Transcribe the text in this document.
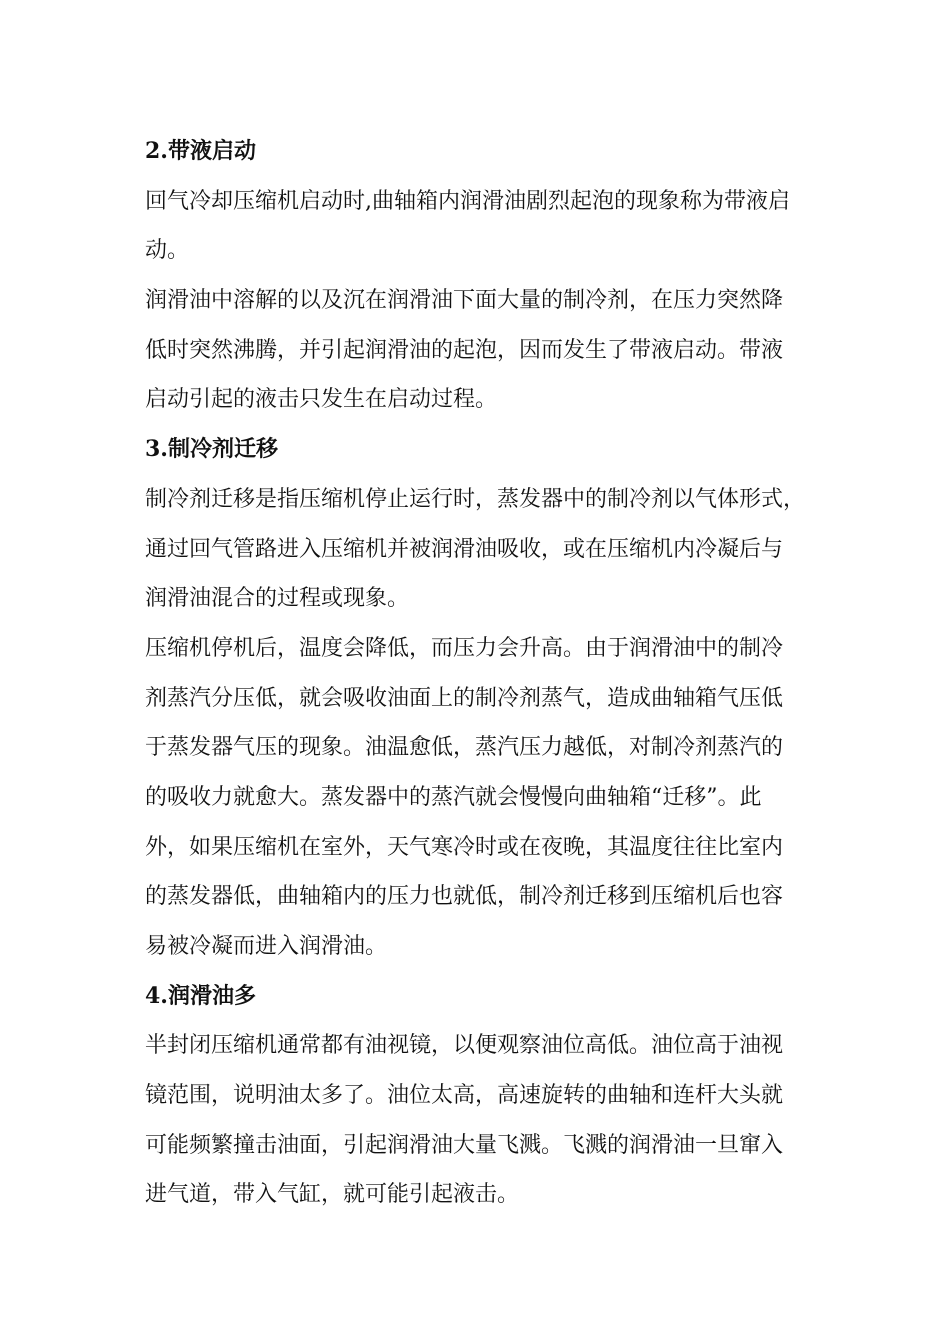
2.带液启动
回气冷却压缩机启动时,曲轴箱内润滑油剧烈起泡的现象称为带液启
动。
润滑油中溶解的以及沉在润滑油下面大量的制冷剂，在压力突然降
低时突然沸腾，并引起润滑油的起泡，因而发生了带液启动。带液
启动引起的液击只发生在启动过程。
3.制冷剂迁移
制冷剂迁移是指压缩机停止运行时，蒸发器中的制冷剂以气体形式，
通过回气管路进入压缩机并被润滑油吸收，或在压缩机内冷凝后与
润滑油混合的过程或现象。
压缩机停机后，温度会降低，而压力会升高。由于润滑油中的制冷
剂蒸汽分压低，就会吸收油面上的制冷剂蒸气，造成曲轴箱气压低
于蒸发器气压的现象。油温愈低，蒸汽压力越低，对制冷剂蒸汽的
的吸收力就愈大。蒸发器中的蒸汽就会慢慢向曲轴箱“迁移”。此
外，如果压缩机在室外，天气寒冷时或在夜晚，其温度往往比室内
的蒸发器低，曲轴箱内的压力也就低，制冷剂迁移到压缩机后也容
易被冷凝而进入润滑油。
4.润滑油多
半封闭压缩机通常都有油视镜，以便观察油位高低。油位高于油视
镜范围，说明油太多了。油位太高，高速旋转的曲轴和连杆大头就
可能频繁撞击油面，引起润滑油大量飞溅。飞溅的润滑油一旦窜入
进气道，带入气缸，就可能引起液击。
